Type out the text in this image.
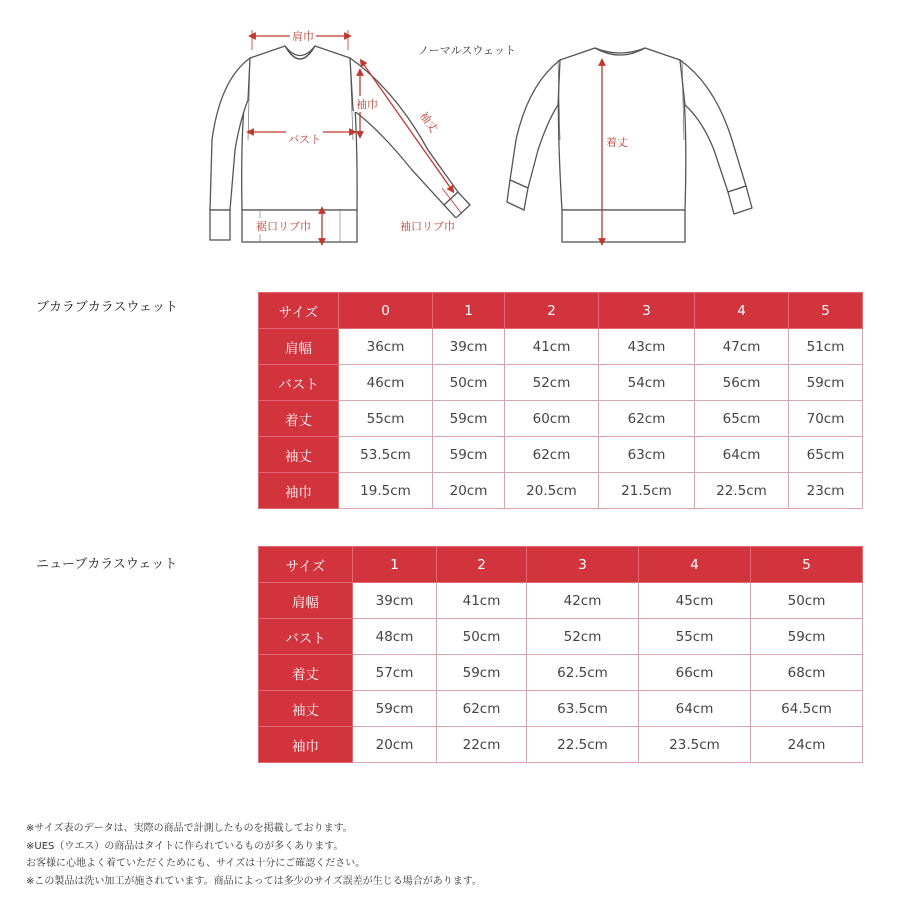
肩巾
バスト
袖巾
袖丈
裾口リブ巾	袖口リブ巾
着丈
ノーマルスウェット
ブカラブカラスウェット	サイズ	0	1	2	3	4	5
肩幅	36cm	39cm	41cm	43cm	47cm	51cm
バスト	46cm	50cm	52cm	54cm	56cm	59cm
着丈	55cm	59cm	60cm	62cm	65cm	70cm
袖丈	53.5cm	59cm	62cm	63cm	64cm	65cm
袖巾	19.5cm	20cm	20.5cm	21.5cm	22.5cm	23cm
ニューブカラスウェット	サイズ	1	2	3	4	5
肩幅	39cm	41cm	42cm	45cm	50cm
バスト	48cm	50cm	52cm	55cm	59cm
着丈	57cm	59cm	62.5cm	66cm	68cm
袖丈	59cm	62cm	63.5cm	64cm	64.5cm
袖巾	20cm	22cm	22.5cm	23.5cm	24cm
※サイズ表のデータは、実際の商品で計測したものを掲載しております。
※UES（ウエス）の商品はタイトに作られているものが多くあります。
お客様に心地よく着ていただくためにも、サイズは十分にご確認ください。
※この製品は洗い加工が施されています。商品によっては多少のサイズ誤差が生じる場合があります。
